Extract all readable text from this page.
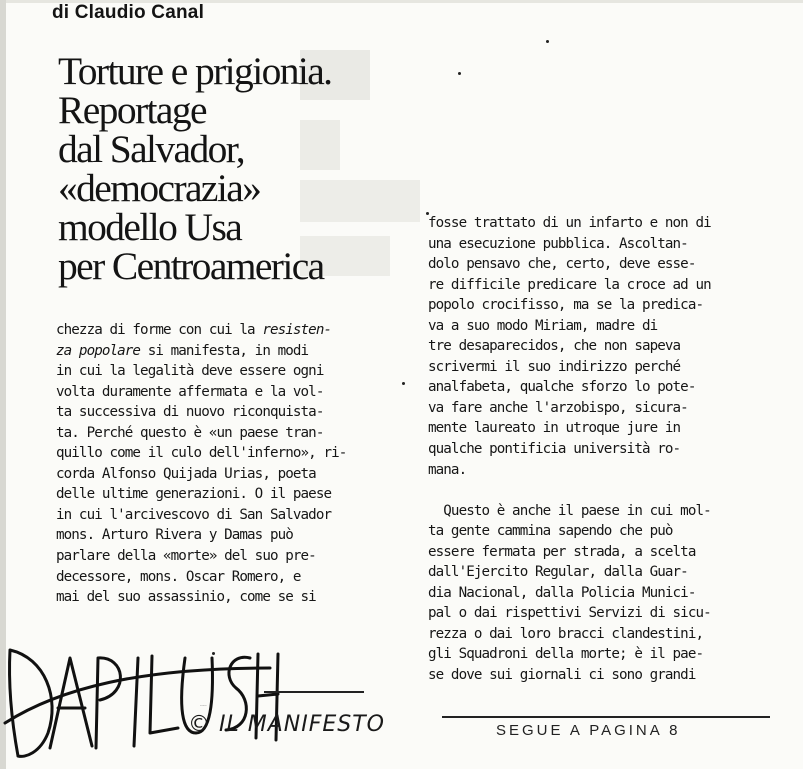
di Claudio Canal
Torture e prigionia.
Reportage
dal Salvador,
«democrazia»
modello Usa
per Centroamerica
chezza di forme con cui la resisten-
za popolare si manifesta, in modi
in cui la legalità deve essere ogni
volta duramente affermata e la vol-
ta successiva di nuovo riconquista-
ta. Perché questo è «un paese tran-
quillo come il culo dell'inferno», ri-
corda Alfonso Quijada Urias, poeta
delle ultime generazioni. O il paese
in cui l'arcivescovo di San Salvador
mons. Arturo Rivera y Damas può
parlare della «morte» del suo pre-
decessore, mons. Oscar Romero, e
mai del suo assassinio, come se si
fosse trattato di un infarto e non di
una esecuzione pubblica. Ascoltan-
dolo pensavo che, certo, deve esse-
re difficile predicare la croce ad un
popolo crocifisso, ma se la predica-
va a suo modo Miriam, madre di
tre desaparecidos, che non sapeva
scrivermi il suo indirizzo perché
analfabeta, qualche sforzo lo pote-
va fare anche l'arzobispo, sicura-
mente laureato in utroque jure in
qualche pontificia università ro-
mana.

Questo è anche il paese in cui mol-
ta gente cammina sapendo che può
essere fermata per strada, a scelta
dall'Ejercito Regular, dalla Guar-
dia Nacional, dalla Policia Munici-
pal o dai rispettivi Servizi di sicu-
rezza o dai loro bracci clandestini,
gli Squadroni della morte; è il pae-
se dove sui giornali ci sono grandi
DAPILUSH '87
© IL MANIFESTO	SEGUE A PAGINA 8
